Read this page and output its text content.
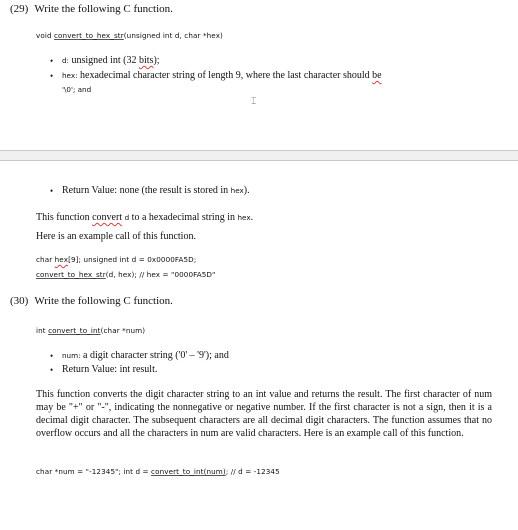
(29) Write the following C function.
void convert_to_hex_str(unsigned int d, char *hex)
• d: unsigned int (32 bits);
• hex: hexadecimal character string of length 9, where the last character should be
'\0'; and
⌶
• Return Value: none (the result is stored in hex).
This function convert d to a hexadecimal string in hex.
Here is an example call of this function.
char hex[9]; unsigned int d = 0x0000FA5D;
convert_to_hex_str(d, hex); // hex = "0000FA5D"
(30) Write the following C function.
int convert_to_int(char *num)
• num: a digit character string ('0' – '9'); and
• Return Value: int result.
This function converts the digit character string to an int value and returns the result. The first character of num may be "+" or "-", indicating the nonnegative or negative number. If the first character is not a sign, then it is a decimal digit character. The subsequent characters are all decimal digit characters. The function assumes that no overflow occurs and all the characters in num are valid characters. Here is an example call of this function.
char *num = "-12345"; int d = convert_to_int(num); // d = -12345
